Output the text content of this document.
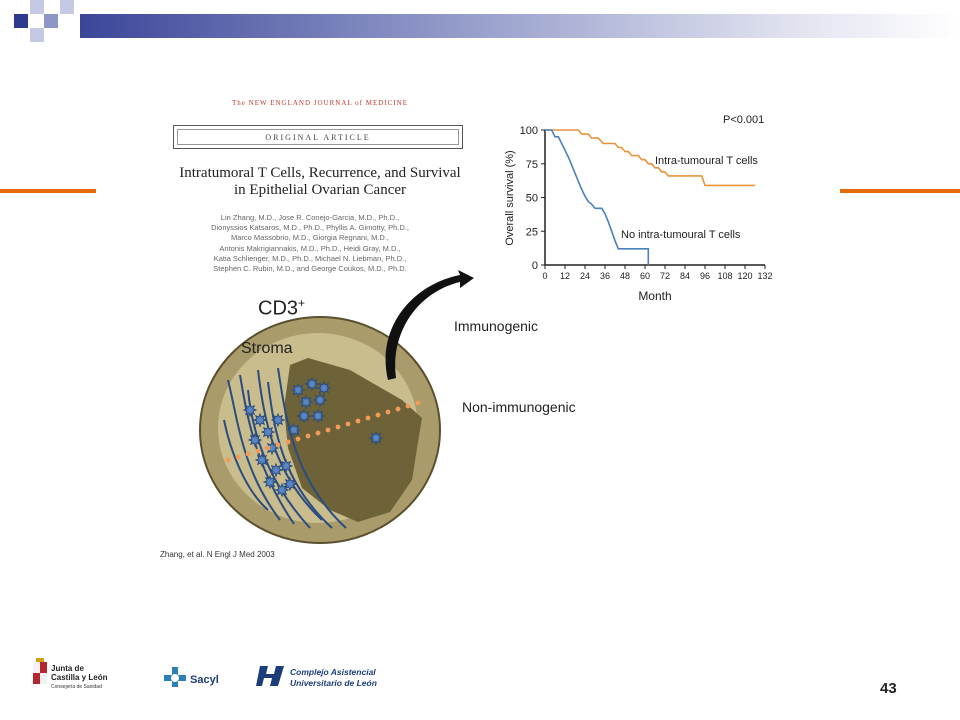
The NEW ENGLAND JOURNAL of MEDICINE
ORIGINAL ARTICLE
Intratumoral T Cells, Recurrence, and Survival
in Epithelial Ovarian Cancer
Lin Zhang, M.D., Jose R. Conejo-Garcia, M.D., Ph.D.,
Dionyssios Katsaros, M.D., Ph.D., Phyllis A. Gimotty, Ph.D.,
Marco Massobrio, M.D., Giorgia Regnani, M.D.,
Antonis Makrigiannakis, M.D., Ph.D., Heidi Gray, M.D.,
Katia Schlienger, M.D., Ph.D., Michael N. Liebman, Ph.D.,
Stephen C. Rubin, M.D., and George Coukos, M.D., Ph.D.
0 12 24 36 48 60 72 84 96 108 120 132
0
25
50
75
100
Month
Overall survival (%)
P<0.001
Intra-tumoural T cells
No intra-tumoural T cells
CD3+
Stroma
Immunogenic
Non-immunogenic
Zhang, et al. N Engl J Med 2003
Junta de
Castilla y León
Consejería de Sanidad
Sacyl
Complejo Asistencial
Universitario de León	43
